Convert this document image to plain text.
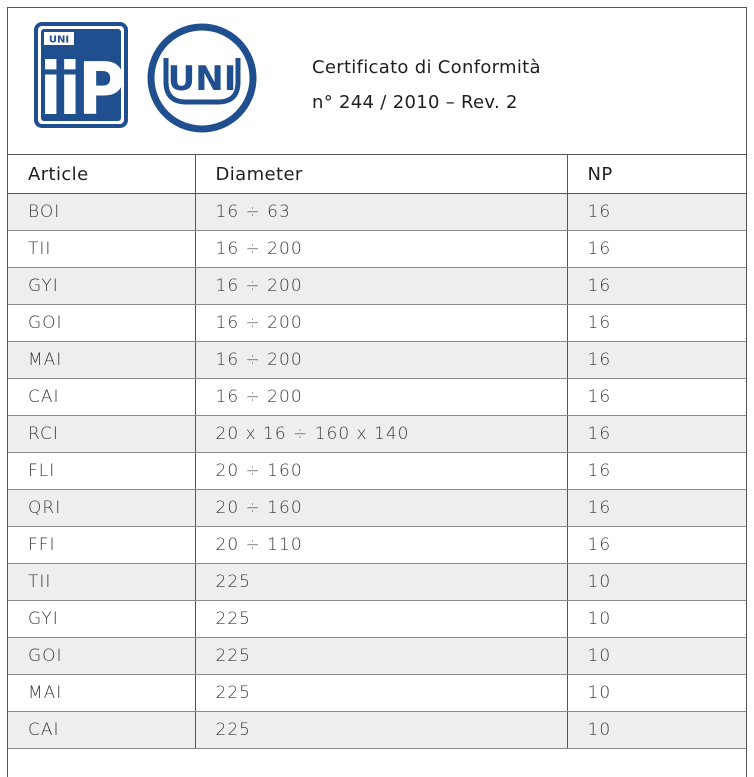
UNI
iiP UNI	Certificato di Conformità
n° 244 / 2010 – Rev. 2
Article	Diameter	NP
BOI	16 ÷ 63	16
TII	16 ÷ 200	16
GYI	16 ÷ 200	16
GOI	16 ÷ 200	16
MAI	16 ÷ 200	16
CAI	16 ÷ 200	16
RCI	20 x 16 ÷ 160 x 140	16
FLI	20 ÷ 160	16
QRI	20 ÷ 160	16
FFI	20 ÷ 110	16
TII	225	10
GYI	225	10
GOI	225	10
MAI	225	10
CAI	225	10
